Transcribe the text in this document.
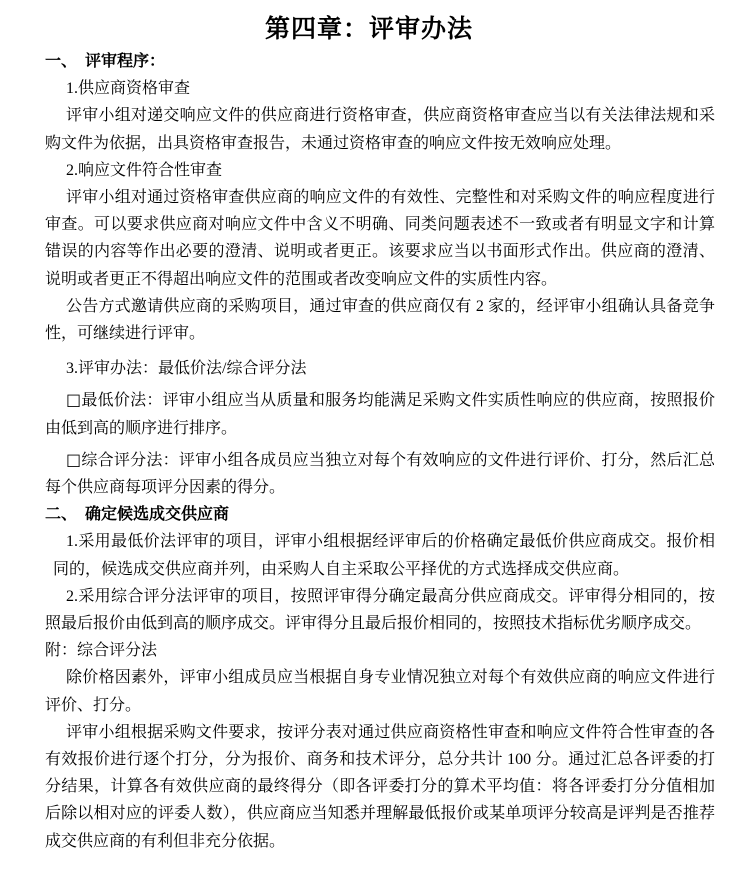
第四章：评审办法

一、 评审程序：

1.供应商资格审查

评审小组对递交响应文件的供应商进行资格审查，供应商资格审查应当以有关法律法规和采购文件为依据，出具资格审查报告，未通过资格审查的响应文件按无效响应处理。

2.响应文件符合性审查

评审小组对通过资格审查供应商的响应文件的有效性、完整性和对采购文件的响应程度进行审查。可以要求供应商对响应文件中含义不明确、同类问题表述不一致或者有明显文字和计算错误的内容等作出必要的澄清、说明或者更正。该要求应当以书面形式作出。供应商的澄清、说明或者更正不得超出响应文件的范围或者改变响应文件的实质性内容。

公告方式邀请供应商的采购项目，通过审查的供应商仅有 2 家的，经评审小组确认具备竞争性，可继续进行评审。

3.评审办法：最低价法/综合评分法

□最低价法：评审小组应当从质量和服务均能满足采购文件实质性响应的供应商，按照报价由低到高的顺序进行排序。

□综合评分法：评审小组各成员应当独立对每个有效响应的文件进行评价、打分，然后汇总每个供应商每项评分因素的得分。

二、 确定候选成交供应商

1.采用最低价法评审的项目，评审小组根据经评审后的价格确定最低价供应商成交。报价相同的，候选成交供应商并列，由采购人自主采取公平择优的方式选择成交供应商。

2.采用综合评分法评审的项目，按照评审得分确定最高分供应商成交。评审得分相同的，按照最后报价由低到高的顺序成交。评审得分且最后报价相同的，按照技术指标优劣顺序成交。

附：综合评分法

除价格因素外，评审小组成员应当根据自身专业情况独立对每个有效供应商的响应文件进行评价、打分。

评审小组根据采购文件要求，按评分表对通过供应商资格性审查和响应文件符合性审查的各有效报价进行逐个打分，分为报价、商务和技术评分，总分共计 100 分。通过汇总各评委的打分结果，计算各有效供应商的最终得分（即各评委打分的算术平均值：将各评委打分分值相加后除以相对应的评委人数），供应商应当知悉并理解最低报价或某单项评分较高是评判是否推荐成交供应商的有利但非充分依据。
